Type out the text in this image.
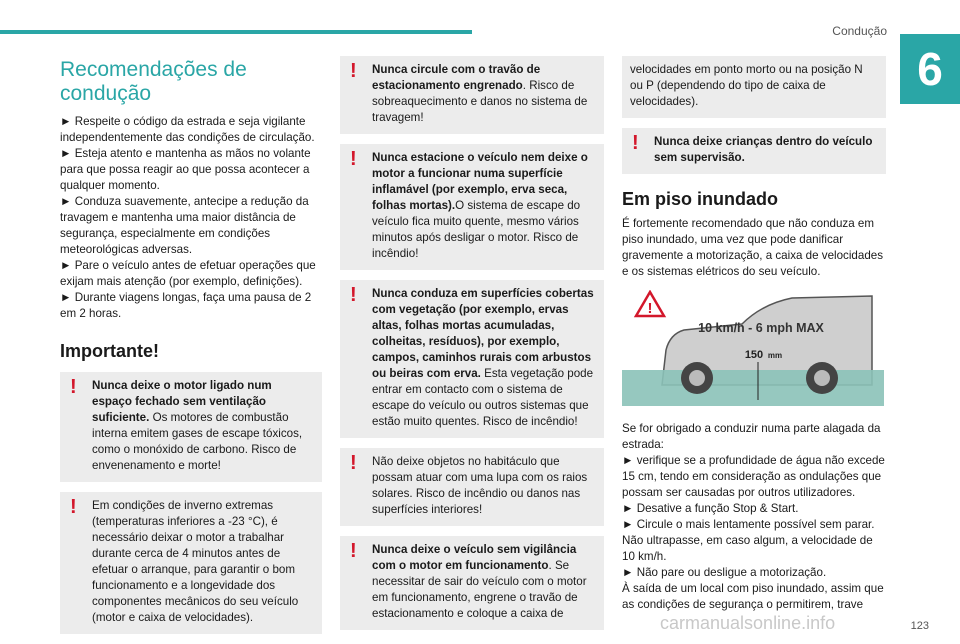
Condução
6
Recomendações de condução

► Respeite o código da estrada e seja vigilante independentemente das condições de circulação.

► Esteja atento e mantenha as mãos no volante para que possa reagir ao que possa acontecer a qualquer momento.

► Conduza suavemente, antecipe a redução da travagem e mantenha uma maior distância de segurança, especialmente em condições meteorológicas adversas.

► Pare o veículo antes de efetuar operações que exijam mais atenção (por exemplo, definições).

► Durante viagens longas, faça uma pausa de 2 em 2 horas.

Importante!
!	Nunca deixe o motor ligado num espaço fechado sem ventilação suficiente. Os motores de combustão interna emitem gases de escape tóxicos, como o monóxido de carbono. Risco de envenenamento e morte!
!	Em condições de inverno extremas (temperaturas inferiores a -23 °C), é necessário deixar o motor a trabalhar durante cerca de 4 minutos antes de efetuar o arranque, para garantir o bom funcionamento e a longevidade dos componentes mecânicos do seu veículo (motor e caixa de velocidades).
!	Nunca circule com o travão de estacionamento engrenado. Risco de sobreaquecimento e danos no sistema de travagem!
!	Nunca estacione o veículo nem deixe o motor a funcionar numa superfície inflamável (por exemplo, erva seca, folhas mortas).O sistema de escape do veículo fica muito quente, mesmo vários minutos após desligar o motor. Risco de incêndio!
!	Nunca conduza em superfícies cobertas com vegetação (por exemplo, ervas altas, folhas mortas acumuladas, colheitas, resíduos), por exemplo, campos, caminhos rurais com arbustos ou beiras com erva. Esta vegetação pode entrar em contacto com o sistema de escape do veículo ou outros sistemas que estão muito quentes. Risco de incêndio!
!	Não deixe objetos no habitáculo que possam atuar com uma lupa com os raios solares. Risco de incêndio ou danos nas superfícies interiores!
!	Nunca deixe o veículo sem vigilância com o motor em funcionamento. Se necessitar de sair do veículo com o motor em funcionamento, engrene o travão de estacionamento e coloque a caixa de
velocidades em ponto morto ou na posição N ou P (dependendo do tipo de caixa de velocidades).
!	Nunca deixe crianças dentro do veículo sem supervisão.
Em piso inundado

É fortemente recomendado que não conduza em piso inundado, uma vez que pode danificar gravemente a motorização, a caixa de velocidades e os sistemas elétricos do seu veículo.

!
10 km/h - 6 mph MAX
150 mm

Se for obrigado a conduzir numa parte alagada da estrada:

► verifique se a profundidade de água não excede 15 cm, tendo em consideração as ondulações que possam ser causadas por outros utilizadores.

► Desative a função Stop & Start.

► Circule o mais lentamente possível sem parar. Não ultrapasse, em caso algum, a velocidade de 10 km/h.

► Não pare ou desligue a motorização.

À saída de um local com piso inundado, assim que as condições de segurança o permitirem, trave

carmanualsonline.info	123
